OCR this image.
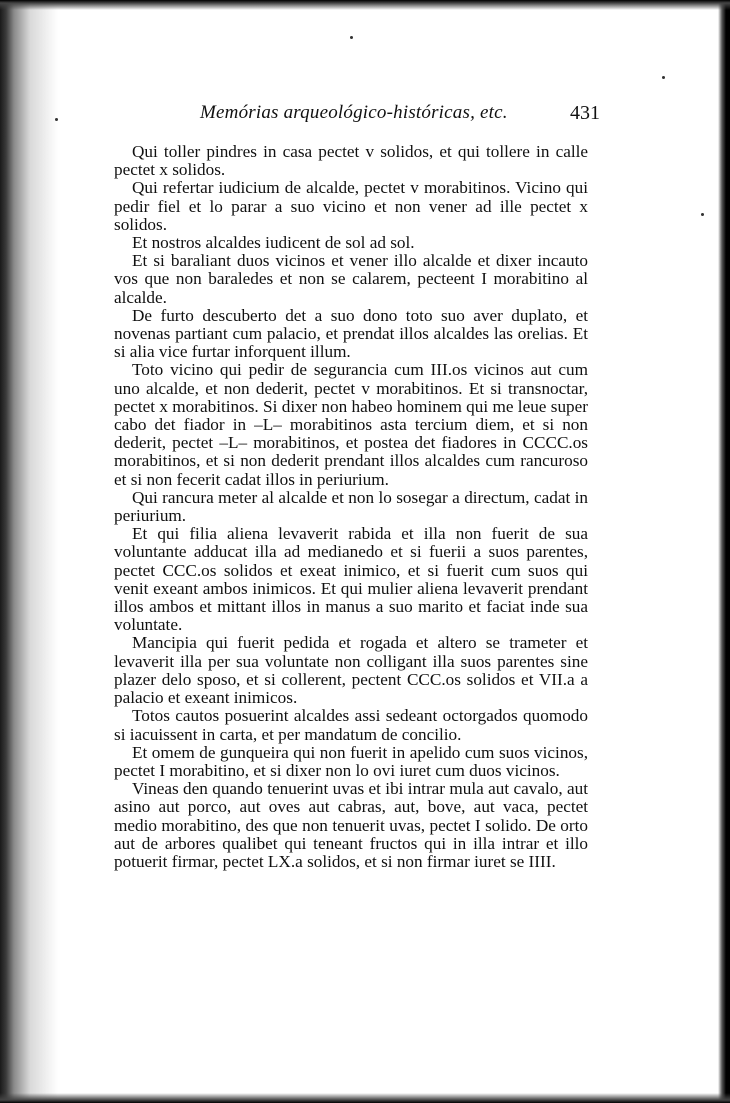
Memórias arqueológico-históricas, etc.	431

Qui toller pindres in casa pectet v solidos, et qui tollere in calle pectet x solidos.

Qui refertar iudicium de alcalde, pectet v morabitinos. Vicino qui pedir fiel et lo parar a suo vicino et non vener ad ille pectet x solidos.

Et nostros alcaldes iudicent de sol ad sol.

Et si baraliant duos vicinos et vener illo alcalde et dixer incauto vos que non baraledes et non se calarem, pecteent I morabitino al alcalde.

De furto descuberto det a suo dono toto suo aver duplato, et novenas partiant cum palacio, et prendat illos alcaldes las orelias. Et si alia vice furtar inforquent illum.

Toto vicino qui pedir de segurancia cum III.os vicinos aut cum uno alcalde, et non dederit, pectet v morabitinos. Et si transnoctar, pectet x morabitinos. Si dixer non habeo hominem qui me leue super cabo det fiador in –L– morabitinos asta tercium diem, et si non dederit, pectet –L– morabitinos, et postea det fiadores in CCCC.os morabitinos, et si non dederit prendant illos alcaldes cum rancuroso et si non fecerit cadat illos in periurium.

Qui rancura meter al alcalde et non lo sosegar a directum, cadat in periurium.

Et qui filia aliena levaverit rabida et illa non fuerit de sua voluntante adducat illa ad medianedo et si fuerii a suos parentes, pectet CCC.os solidos et exeat inimico, et si fuerit cum suos qui venit exeant ambos inimicos. Et qui mulier aliena levaverit prendant illos ambos et mittant illos in manus a suo marito et faciat inde sua voluntate.

Mancipia qui fuerit pedida et rogada et altero se trameter et levaverit illa per sua voluntate non colligant illa suos parentes sine plazer delo sposo, et si collerent, pectent CCC.os solidos et VII.a a palacio et exeant inimicos.

Totos cautos posuerint alcaldes assi sedeant octorgados quomodo si iacuissent in carta, et per mandatum de concilio.

Et omem de gunqueira qui non fuerit in apelido cum suos vicinos, pectet I morabitino, et si dixer non lo ovi iuret cum duos vicinos.

Vineas den quando tenuerint uvas et ibi intrar mula aut cavalo, aut asino aut porco, aut oves aut cabras, aut, bove, aut vaca, pectet medio morabitino, des que non tenuerit uvas, pectet I solido. De orto aut de arbores qualibet qui teneant fructos qui in illa intrar et illo potuerit firmar, pectet LX.a solidos, et si non firmar iuret se IIII.
